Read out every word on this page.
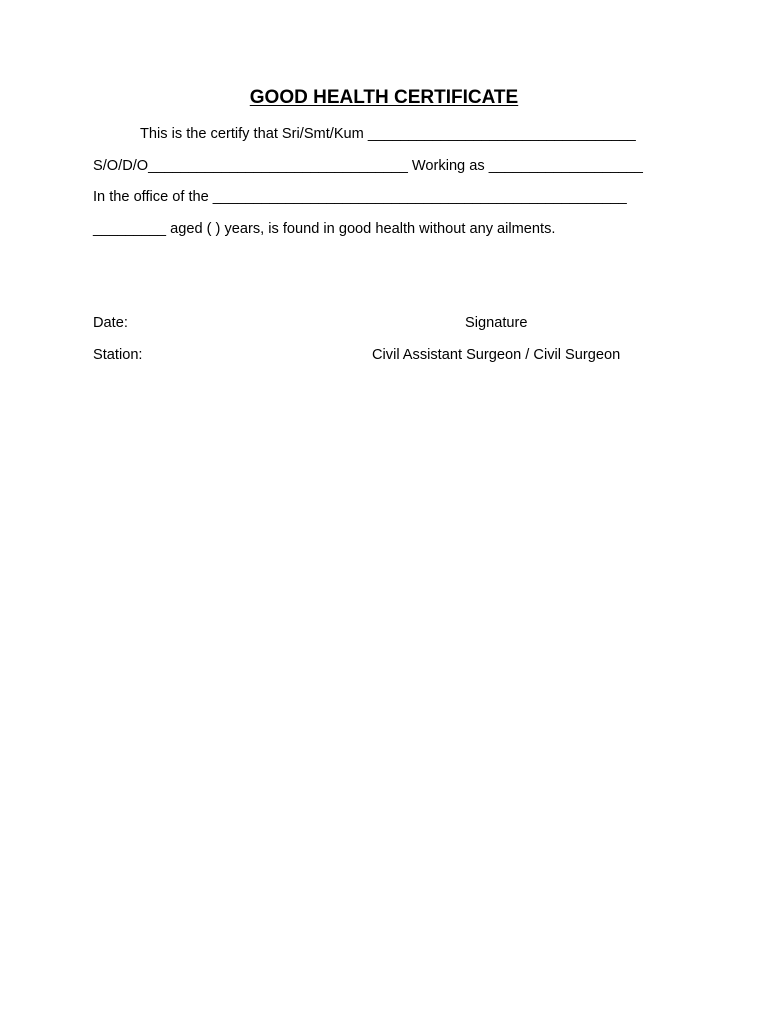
GOOD HEALTH CERTIFICATE
This is the certify that Sri/Smt/Kum _________________________________
S/O/D/O________________________________ Working as ___________________
In the office of the ___________________________________________________
_________ aged ( ) years, is found in good health without any ailments.
Date:	Signature
Station:	Civil Assistant Surgeon / Civil Surgeon
